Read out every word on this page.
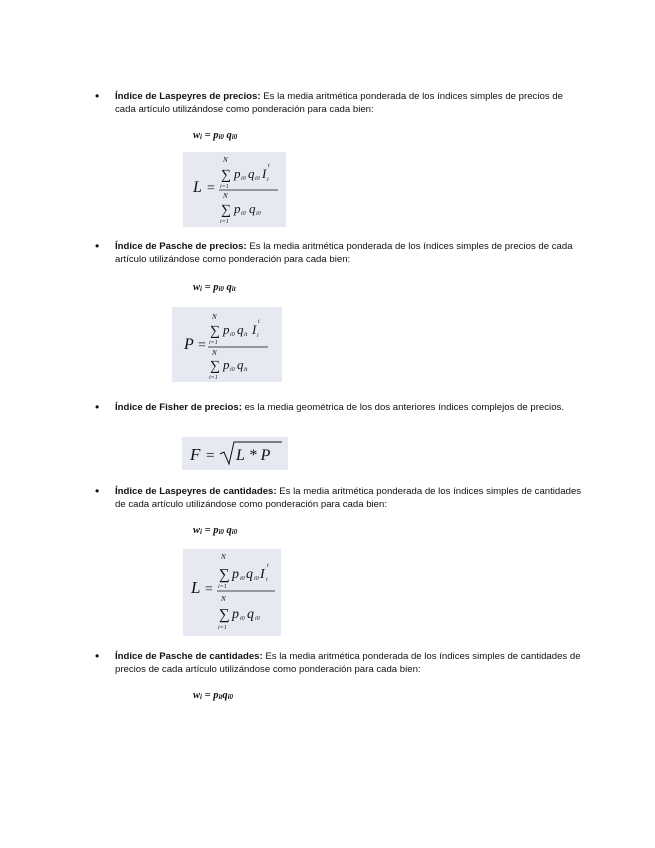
• Índice de Laspeyres de precios: Es la media aritmética ponderada de los índices simples de precios de cada artículo utilizándose como ponderación para cada bien:
$w_i = p_{i0}$ $q_{i0}$
L =
N
∑
i=1
p i0 q i0 I i
t
N
∑
i=1
p i0 q i0
• Índice de Pasche de precios: Es la media aritmética ponderada de los índices simples de precios de cada artículo utilizándose como ponderación para cada bien:
$w_i = p_{i0}$ $q_{it}$
P =
N
∑
i=1
p i0 q it I i
t
N
∑
i=1
p i0 q it
• Índice de Fisher de precios: es la media geométrica de los dos anteriores índices complejos de precios.
F = L * P
• Índice de Laspeyres de cantidades: Es la media aritmética ponderada de los índices simples de cantidades de cada artículo utilizándose como ponderación para cada bien:
$w_i = p_{i0}$ $q_{i0}$
L =
N
∑
i=1
p i0 q i0 I i
t
N
∑
i=1
p i0 q i0
• Índice de Pasche de cantidades: Es la media aritmética ponderada de los índices simples de cantidades de precios de cada artículo utilizándose como ponderación para cada bien:
$w_i = p_{it}q_{i0}$
